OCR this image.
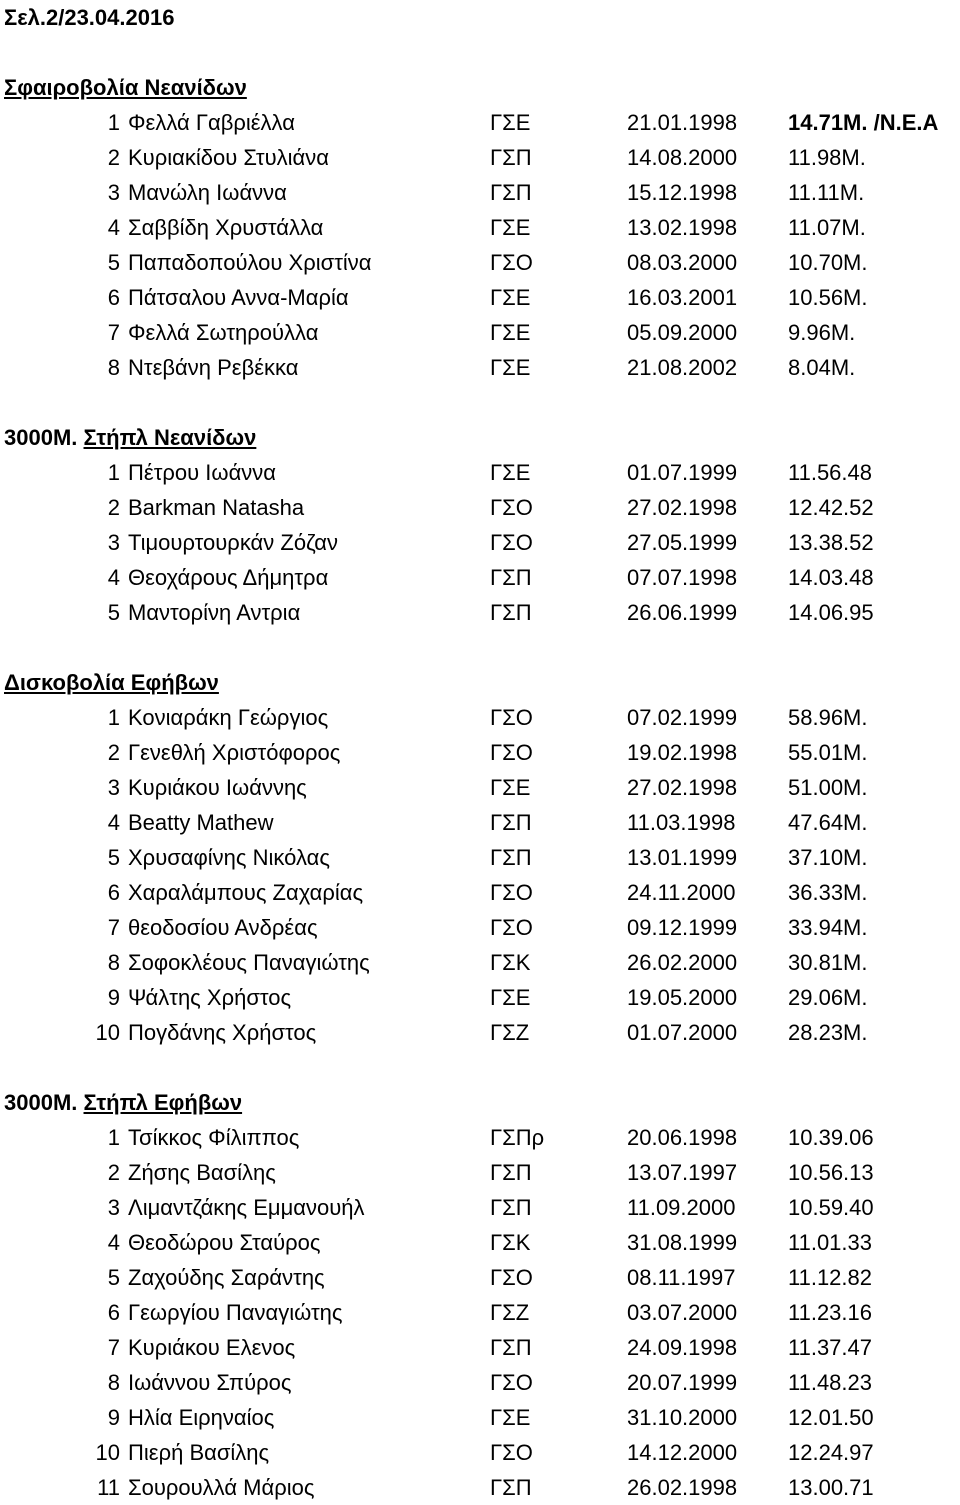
Σελ.2/23.04.2016
Σφαιροβολία Νεανίδων
1 Φελλά Γαβριέλλα	ΓΣΕ	21.01.1998 14.71Μ. /Ν.Ε.Α
2 Κυριακίδου Στυλιάνα	ΓΣΠ	14.08.2000 11.98Μ.
3 Μανώλη Ιωάννα	ΓΣΠ	15.12.1998 11.11Μ.
4 Σαββίδη Χρυστάλλα	ΓΣΕ	13.02.1998 11.07Μ.
5 Παπαδοπούλου Χριστίνα	ΓΣΟ	08.03.2000 10.70Μ.
6 Πάτσαλου Αννα-Μαρία	ΓΣΕ	16.03.2001 10.56Μ.
7 Φελλά Σωτηρούλλα	ΓΣΕ	05.09.2000 9.96Μ.
8 Ντεβάνη Ρεβέκκα	ΓΣΕ	21.08.2002 8.04Μ.
3000Μ. Στήπλ Νεανίδων
1 Πέτρου Ιωάννα	ΓΣΕ	01.07.1999 11.56.48
2 Barkman Natasha	ΓΣΟ	27.02.1998 12.42.52
3 Τιμουρτουρκάν Ζόζαν	ΓΣΟ	27.05.1999 13.38.52
4 Θεοχάρους Δήμητρα	ΓΣΠ	07.07.1998 14.03.48
5 Μαντορίνη Αντρια	ΓΣΠ	26.06.1999 14.06.95
Δισκοβολία Εφήβων
1 Κονιαράκη Γεώργιος	ΓΣΟ	07.02.1999 58.96Μ.
2 Γενεθλή Χριστόφορος	ΓΣΟ	19.02.1998 55.01Μ.
3 Κυριάκου Ιωάννης	ΓΣΕ	27.02.1998 51.00Μ.
4 Beatty Mathew	ΓΣΠ	11.03.1998 47.64Μ.
5 Χρυσαφίνης Νικόλας	ΓΣΠ	13.01.1999 37.10Μ.
6 Χαραλάμπους Ζαχαρίας	ΓΣΟ	24.11.2000 36.33Μ.
7 θεοδοσίου Ανδρέας	ΓΣΟ	09.12.1999 33.94Μ.
8 Σοφοκλέους Παναγιώτης	ΓΣΚ	26.02.2000 30.81Μ.
9 Ψάλτης Χρήστος	ΓΣΕ	19.05.2000 29.06Μ.
10 Πογδάνης Χρήστος	ΓΣΖ	01.07.2000 28.23Μ.
3000Μ. Στήπλ Εφήβων
1 Τσίκκος Φίλιππος	ΓΣΠρ	20.06.1998 10.39.06
2 Ζήσης Βασίλης	ΓΣΠ	13.07.1997 10.56.13
3 Λιμαντζάκης Εμμανουήλ	ΓΣΠ	11.09.2000 10.59.40
4 Θεοδώρου Σταύρος	ΓΣΚ	31.08.1999 11.01.33
5 Ζαχούδης Σαράντης	ΓΣΟ	08.11.1997 11.12.82
6 Γεωργίου Παναγιώτης	ΓΣΖ	03.07.2000 11.23.16
7 Κυριάκου Ελενος	ΓΣΠ	24.09.1998 11.37.47
8 Ιωάννου Σπύρος	ΓΣΟ	20.07.1999 11.48.23
9 Ηλία Ειρηναίος	ΓΣΕ	31.10.2000 12.01.50
10 Πιερή Βασίλης	ΓΣΟ	14.12.2000 12.24.97
11 Σουρουλλά Μάριος	ΓΣΠ	26.02.1998 13.00.71
